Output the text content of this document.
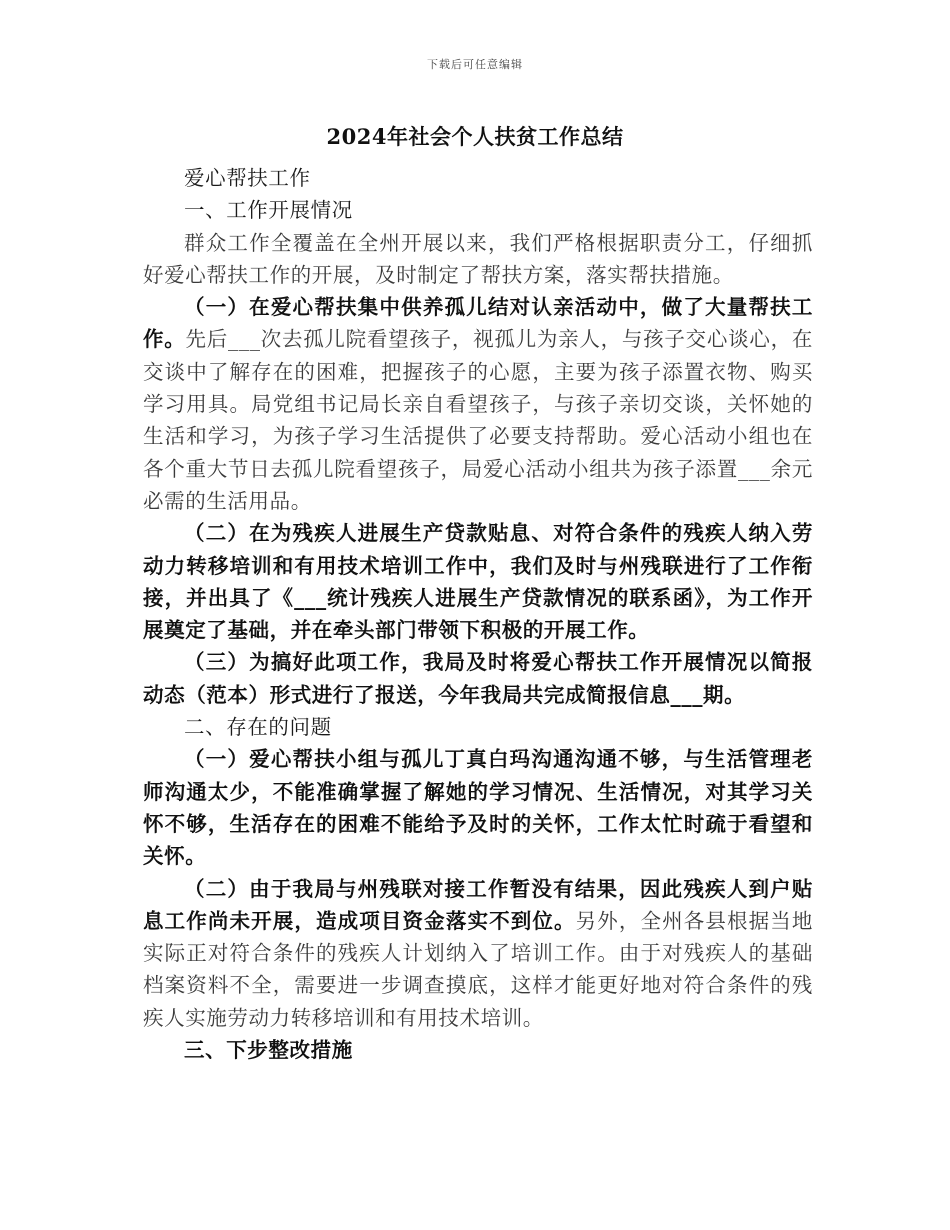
下载后可任意编辑
2024年社会个人扶贫工作总结

爱心帮扶工作

一、工作开展情况

群众工作全覆盖在全州开展以来，我们严格根据职责分工，仔细抓好爱心帮扶工作的开展，及时制定了帮扶方案，落实帮扶措施。

（一）在爱心帮扶集中供养孤儿结对认亲活动中，做了大量帮扶工作。先后___次去孤儿院看望孩子，视孤儿为亲人，与孩子交心谈心，在交谈中了解存在的困难，把握孩子的心愿，主要为孩子添置衣物、购买学习用具。局党组书记局长亲自看望孩子，与孩子亲切交谈，关怀她的生活和学习，为孩子学习生活提供了必要支持帮助。爱心活动小组也在各个重大节日去孤儿院看望孩子，局爱心活动小组共为孩子添置___余元必需的生活用品。

（二）在为残疾人进展生产贷款贴息、对符合条件的残疾人纳入劳动力转移培训和有用技术培训工作中，我们及时与州残联进行了工作衔接，并出具了《___统计残疾人进展生产贷款情况的联系函》，为工作开展奠定了基础，并在牵头部门带领下积极的开展工作。

（三）为搞好此项工作，我局及时将爱心帮扶工作开展情况以简报动态（范本）形式进行了报送，今年我局共完成简报信息___期。

二、存在的问题

（一）爱心帮扶小组与孤儿丁真白玛沟通沟通不够，与生活管理老师沟通太少，不能准确掌握了解她的学习情况、生活情况，对其学习关怀不够，生活存在的困难不能给予及时的关怀，工作太忙时疏于看望和关怀。

（二）由于我局与州残联对接工作暂没有结果，因此残疾人到户贴息工作尚未开展，造成项目资金落实不到位。另外，全州各县根据当地实际正对符合条件的残疾人计划纳入了培训工作。由于对残疾人的基础档案资料不全，需要进一步调查摸底，这样才能更好地对符合条件的残疾人实施劳动力转移培训和有用技术培训。

三、下步整改措施
